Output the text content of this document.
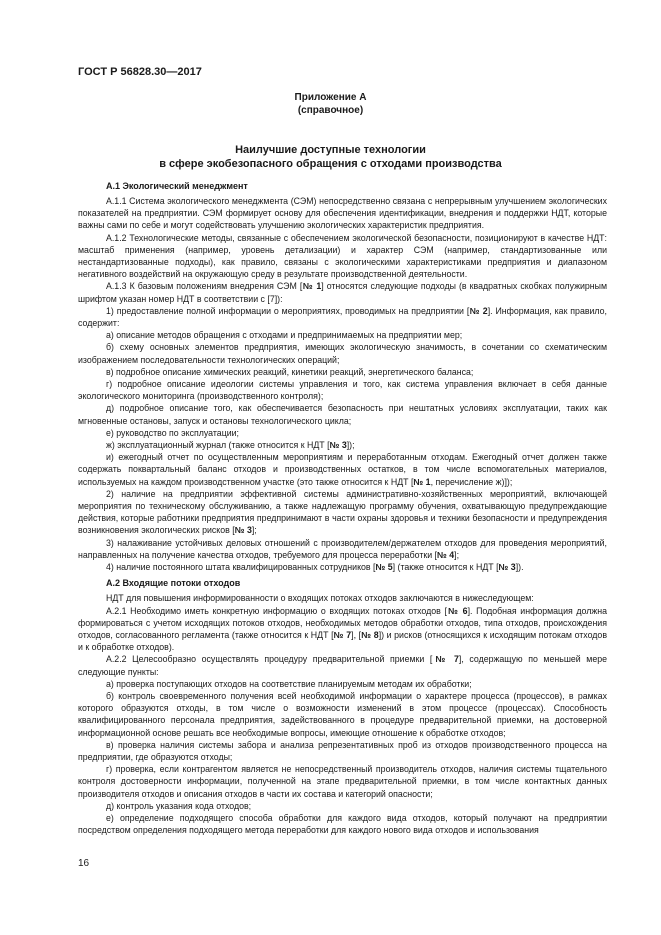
ГОСТ Р 56828.30—2017
Приложение А
(справочное)
Наилучшие доступные технологии
в сфере экобезопасного обращения с отходами производства
А.1 Экологический менеджмент

А.1.1 Система экологического менеджмента (СЭМ) непосредственно связана с непрерывным улучшением экологических показателей на предприятии. СЭМ формирует основу для обеспечения идентификации, внедрения и поддержки НДТ, которые важны сами по себе и могут содействовать улучшению экологических характеристик предприятия.

А.1.2 Технологические методы, связанные с обеспечением экологической безопасности, позиционируют в качестве НДТ: масштаб применения (например, уровень детализации) и характер СЭМ (например, стандартизованные или нестандартизованные подходы), как правило, связаны с экологическими характеристиками предприятия и диапазоном негативного воздействий на окружающую среду в результате производственной деятельности.

А.1.3 К базовым положениям внедрения СЭМ [№ 1] относятся следующие подходы (в квадратных скобках полужирным шрифтом указан номер НДТ в соответствии с [7]):

1) предоставление полной информации о мероприятиях, проводимых на предприятии [№ 2]. Информация, как правило, содержит:

а) описание методов обращения с отходами и предпринимаемых на предприятии мер;

б) схему основных элементов предприятия, имеющих экологическую значимость, в сочетании со схематическим изображением последовательности технологических операций;

в) подробное описание химических реакций, кинетики реакций, энергетического баланса;

г) подробное описание идеологии системы управления и того, как система управления включает в себя данные экологического мониторинга (производственного контроля);

д) подробное описание того, как обеспечивается безопасность при нештатных условиях эксплуатации, таких как мгновенные остановы, запуск и остановы технологического цикла;

е) руководство по эксплуатации;

ж) эксплуатационный журнал (также относится к НДТ [№ 3]);

и) ежегодный отчет по осуществленным мероприятиям и переработанным отходам. Ежегодный отчет должен также содержать поквартальный баланс отходов и производственных остатков, в том числе вспомогательных материалов, используемых на каждом производственном участке (это также относится к НДТ [№ 1, перечисление ж)]);

2) наличие на предприятии эффективной системы административно-хозяйственных мероприятий, включающей мероприятия по техническому обслуживанию, а также надлежащую программу обучения, охватывающую предупреждающие действия, которые работники предприятия предпринимают в части охраны здоровья и техники безопасности и предупреждения возникновения экологических рисков [№ 3];

3) налаживание устойчивых деловых отношений с производителем/держателем отходов для проведения мероприятий, направленных на получение качества отходов, требуемого для процесса переработки [№ 4];

4) наличие постоянного штата квалифицированных сотрудников [№ 5] (также относится к НДТ [№ 3]).

А.2 Входящие потоки отходов

НДТ для повышения информированности о входящих потоках отходов заключаются в нижеследующем:

А.2.1 Необходимо иметь конкретную информацию о входящих потоках отходов [№ 6]. Подобная информация должна формироваться с учетом исходящих потоков отходов, необходимых методов обработки отходов, типа отходов, происхождения отходов, согласованного регламента (также относится к НДТ [№ 7], [№ 8]) и рисков (относящихся к исходящим потокам отходов и к обработке отходов).

А.2.2 Целесообразно осуществлять процедуру предварительной приемки [№ 7], содержащую по меньшей мере следующие пункты:

а) проверка поступающих отходов на соответствие планируемым методам их обработки;

б) контроль своевременного получения всей необходимой информации о характере процесса (процессов), в рамках которого образуются отходы, в том числе о возможности изменений в этом процессе (процессах). Способность квалифицированного персонала предприятия, задействованного в процедуре предварительной приемки, на достоверной информационной основе решать все необходимые вопросы, имеющие отношение к обработке отходов;

в) проверка наличия системы забора и анализа репрезентативных проб из отходов производственного процесса на предприятии, где образуются отходы;

г) проверка, если контрагентом является не непосредственный производитель отходов, наличия системы тщательного контроля достоверности информации, полученной на этапе предварительной приемки, в том числе контактных данных производителя отходов и описания отходов в части их состава и категорий опасности;

д) контроль указания кода отходов;

е) определение подходящего способа обработки для каждого вида отходов, который получают на предприятии посредством определения подходящего метода переработки для каждого нового вида отходов и использования

16
